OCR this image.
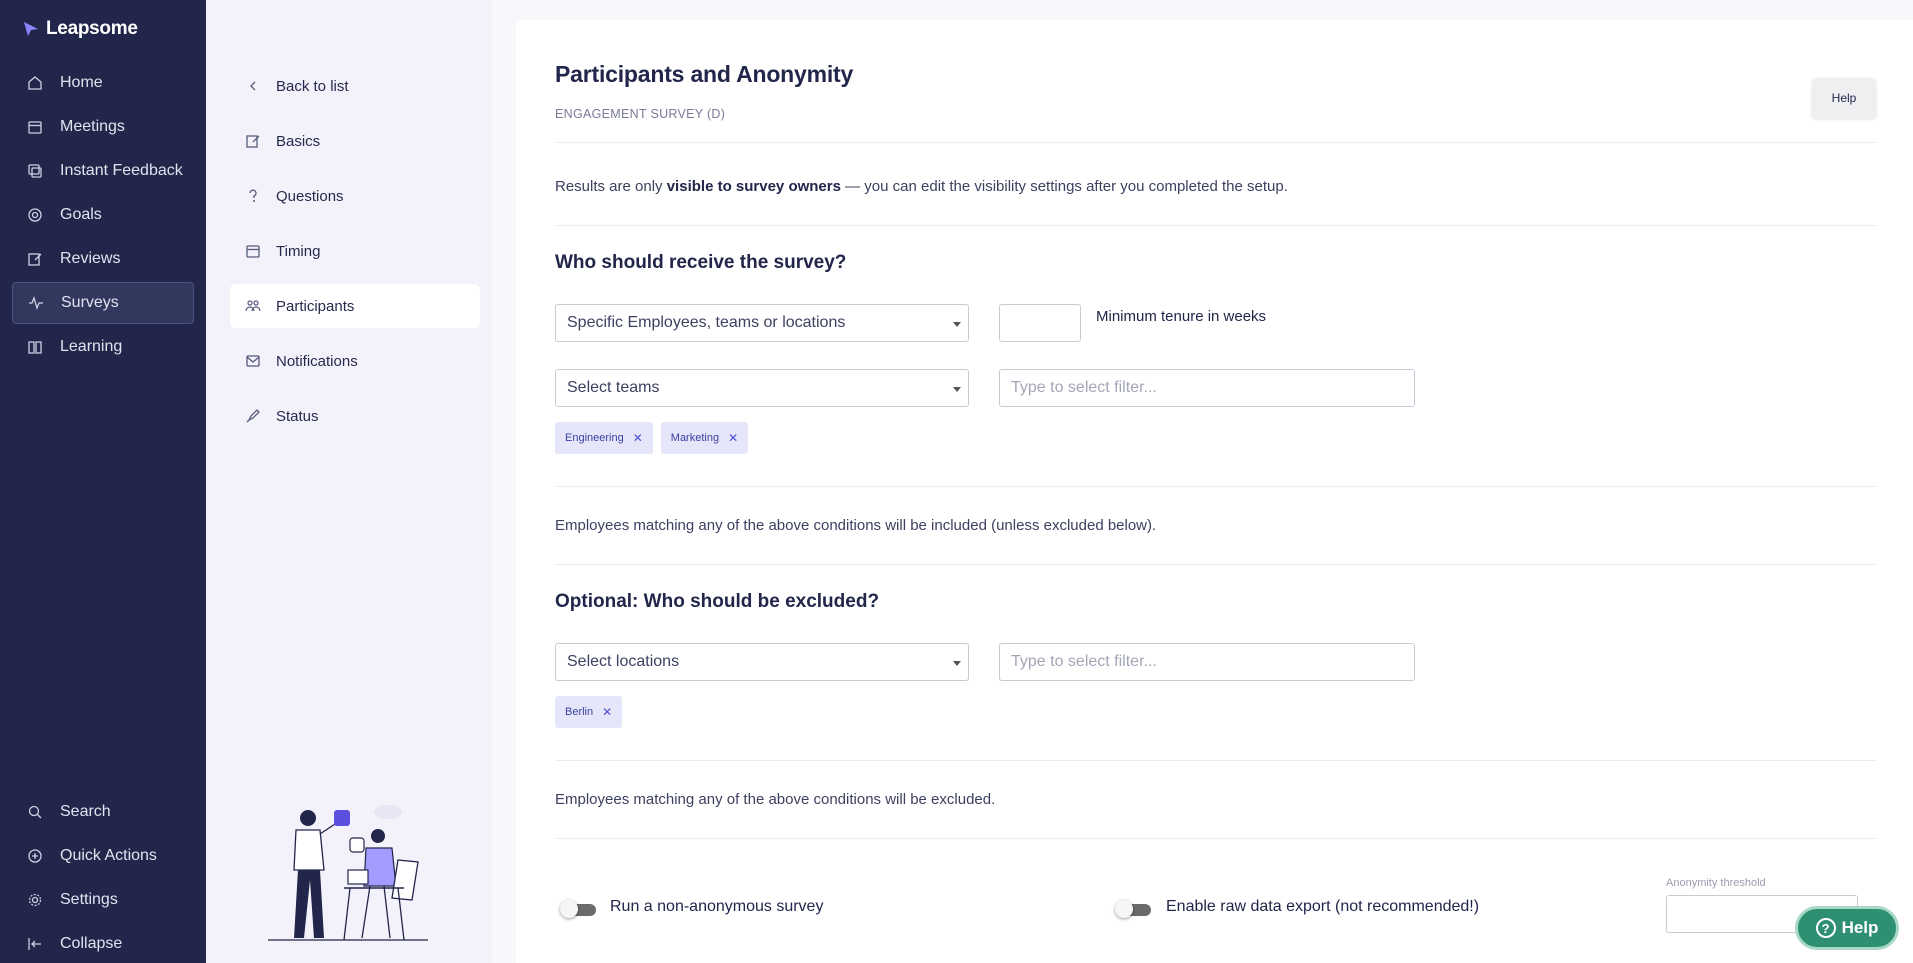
Leapsome
Home
Meetings
Instant Feedback
Goals
Reviews
Surveys
Learning
Search
Quick Actions
Settings
Collapse
Back to list
Basics
Questions
Timing
Participants
Notifications
Status
Participants and Anonymity
ENGAGEMENT SURVEY (D)
Help

Results are only visible to survey owners — you can edit the visibility settings after you completed the setup.

Who should receive the survey?
Specific Employees, teams or locations	Minimum tenure in weeks
Select teams
Type to select filter...
Engineering ✕	Marketing ✕

Employees matching any of the above conditions will be included (unless excluded below).

Optional: Who should be excluded?
Select locations
Type to select filter...
Berlin ✕

Employees matching any of the above conditions will be excluded.

Run a non-anonymous survey	Enable raw data export (not recommended!)
Anonymity threshold
? Help
